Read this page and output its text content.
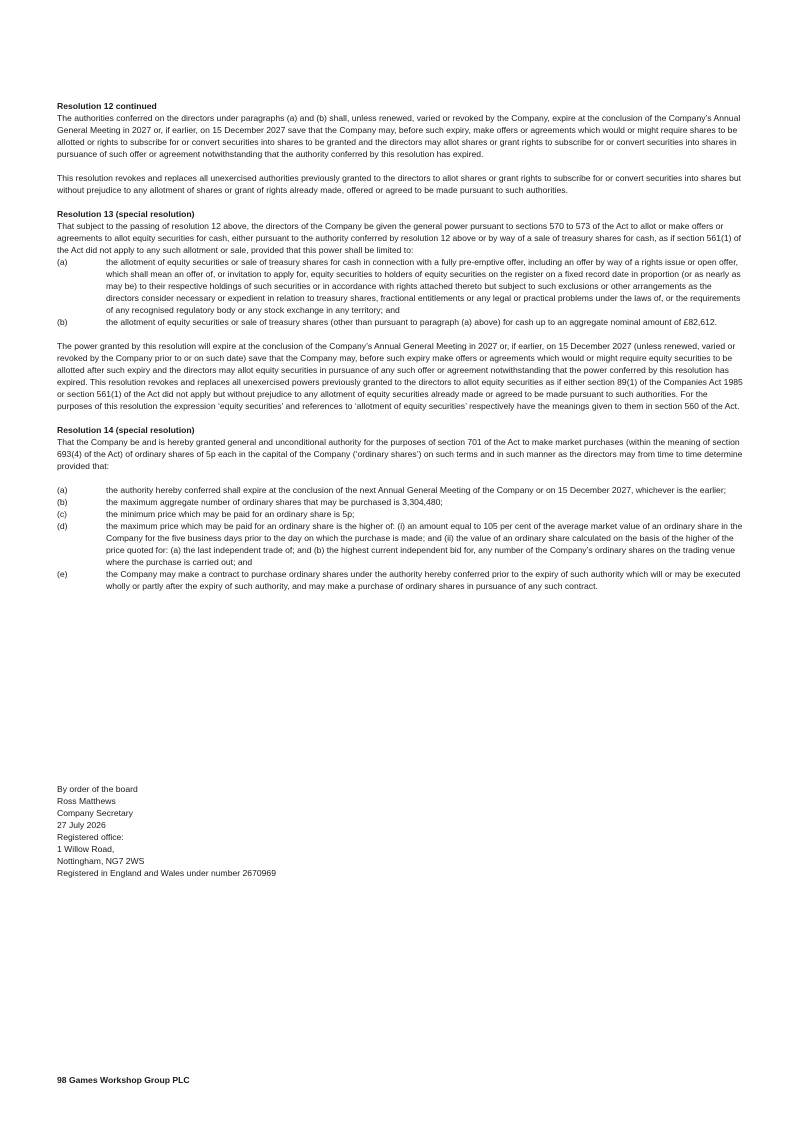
Resolution 12 continued

The authorities conferred on the directors under paragraphs (a) and (b) shall, unless renewed, varied or revoked by the Company, expire at the conclusion of the Company’s Annual General Meeting in 2027 or, if earlier, on 15 December 2027 save that the Company may, before such expiry, make offers or agreements which would or might require shares to be allotted or rights to subscribe for or convert securities into shares to be granted and the directors may allot shares or grant rights to subscribe for or convert securities into shares in pursuance of such offer or agreement notwithstanding that the authority conferred by this resolution has expired.

This resolution revokes and replaces all unexercised authorities previously granted to the directors to allot shares or grant rights to subscribe for or convert securities into shares but without prejudice to any allotment of shares or grant of rights already made, offered or agreed to be made pursuant to such authorities.

Resolution 13 (special resolution)

That subject to the passing of resolution 12 above, the directors of the Company be given the general power pursuant to sections 570 to 573 of the Act to allot or make offers or agreements to allot equity securities for cash, either pursuant to the authority conferred by resolution 12 above or by way of a sale of treasury shares for cash, as if section 561(1) of the Act did not apply to any such allotment or sale, provided that this power shall be limited to:

(a)	the allotment of equity securities or sale of treasury shares for cash in connection with a fully pre-emptive offer, including an offer by way of a rights issue or open offer, which shall mean an offer of, or invitation to apply for, equity securities to holders of equity securities on the register on a fixed record date in proportion (or as nearly as may be) to their respective holdings of such securities or in accordance with rights attached thereto but subject to such exclusions or other arrangements as the directors consider necessary or expedient in relation to treasury shares, fractional entitlements or any legal or practical problems under the laws of, or the requirements of any recognised regulatory body or any stock exchange in any territory; and
(b)	the allotment of equity securities or sale of treasury shares (other than pursuant to paragraph (a) above) for cash up to an aggregate nominal amount of £82,612.

The power granted by this resolution will expire at the conclusion of the Company’s Annual General Meeting in 2027 or, if earlier, on 15 December 2027 (unless renewed, varied or revoked by the Company prior to or on such date) save that the Company may, before such expiry make offers or agreements which would or might require equity securities to be allotted after such expiry and the directors may allot equity securities in pursuance of any such offer or agreement notwithstanding that the power conferred by this resolution has expired. This resolution revokes and replaces all unexercised powers previously granted to the directors to allot equity securities as if either section 89(1) of the Companies Act 1985 or section 561(1) of the Act did not apply but without prejudice to any allotment of equity securities already made or agreed to be made pursuant to such authorities. For the purposes of this resolution the expression ‘equity securities’ and references to ‘allotment of equity securities’ respectively have the meanings given to them in section 560 of the Act.

Resolution 14 (special resolution)

That the Company be and is hereby granted general and unconditional authority for the purposes of section 701 of the Act to make market purchases (within the meaning of section 693(4) of the Act) of ordinary shares of 5p each in the capital of the Company (‘ordinary shares’) on such terms and in such manner as the directors may from time to time determine provided that:

(a)	the authority hereby conferred shall expire at the conclusion of the next Annual General Meeting of the Company or on 15 December 2027, whichever is the earlier;
(b)	the maximum aggregate number of ordinary shares that may be purchased is 3,304,480;
(c)	the minimum price which may be paid for an ordinary share is 5p;
(d)	the maximum price which may be paid for an ordinary share is the higher of: (i) an amount equal to 105 per cent of the average market value of an ordinary share in the Company for the five business days prior to the day on which the purchase is made; and (ii) the value of an ordinary share calculated on the basis of the higher of the price quoted for: (a) the last independent trade of; and (b) the highest current independent bid for, any number of the Company’s ordinary shares on the trading venue where the purchase is carried out; and
(e)	the Company may make a contract to purchase ordinary shares under the authority hereby conferred prior to the expiry of such authority which will or may be executed wholly or partly after the expiry of such authority, and may make a purchase of ordinary shares in pursuance of any such contract.

By order of the board

Ross Matthews

Company Secretary

27 July 2026

Registered office:

1 Willow Road,

Nottingham, NG7 2WS

Registered in England and Wales under number 2670969

98 Games Workshop Group PLC
